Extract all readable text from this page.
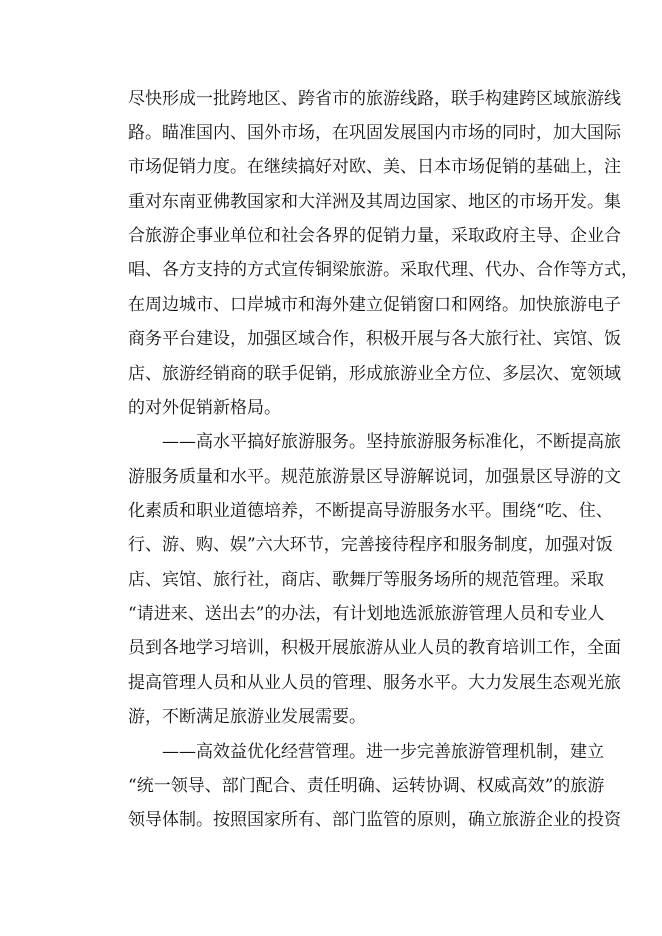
尽快形成一批跨地区、跨省市的旅游线路，联手构建跨区域旅游线
路。瞄准国内、国外市场，在巩固发展国内市场的同时，加大国际
市场促销力度。在继续搞好对欧、美、日本市场促销的基础上，注
重对东南亚佛教国家和大洋洲及其周边国家、地区的市场开发。集
合旅游企事业单位和社会各界的促销力量，采取政府主导、企业合
唱、各方支持的方式宣传铜梁旅游。采取代理、代办、合作等方式，
在周边城市、口岸城市和海外建立促销窗口和网络。加快旅游电子
商务平台建设，加强区域合作，积极开展与各大旅行社、宾馆、饭
店、旅游经销商的联手促销，形成旅游业全方位、多层次、宽领域
的对外促销新格局。
——高水平搞好旅游服务。坚持旅游服务标准化，不断提高旅
游服务质量和水平。规范旅游景区导游解说词，加强景区导游的文
化素质和职业道德培养，不断提高导游服务水平。围绕“吃、住、
行、游、购、娱”六大环节，完善接待程序和服务制度，加强对饭
店、宾馆、旅行社，商店、歌舞厅等服务场所的规范管理。采取
“请进来、送出去”的办法，有计划地选派旅游管理人员和专业人
员到各地学习培训，积极开展旅游从业人员的教育培训工作，全面
提高管理人员和从业人员的管理、服务水平。大力发展生态观光旅
游，不断满足旅游业发展需要。
——高效益优化经营管理。进一步完善旅游管理机制，建立
“统一领导、部门配合、责任明确、运转协调、权威高效”的旅游
领导体制。按照国家所有、部门监管的原则，确立旅游企业的投资
